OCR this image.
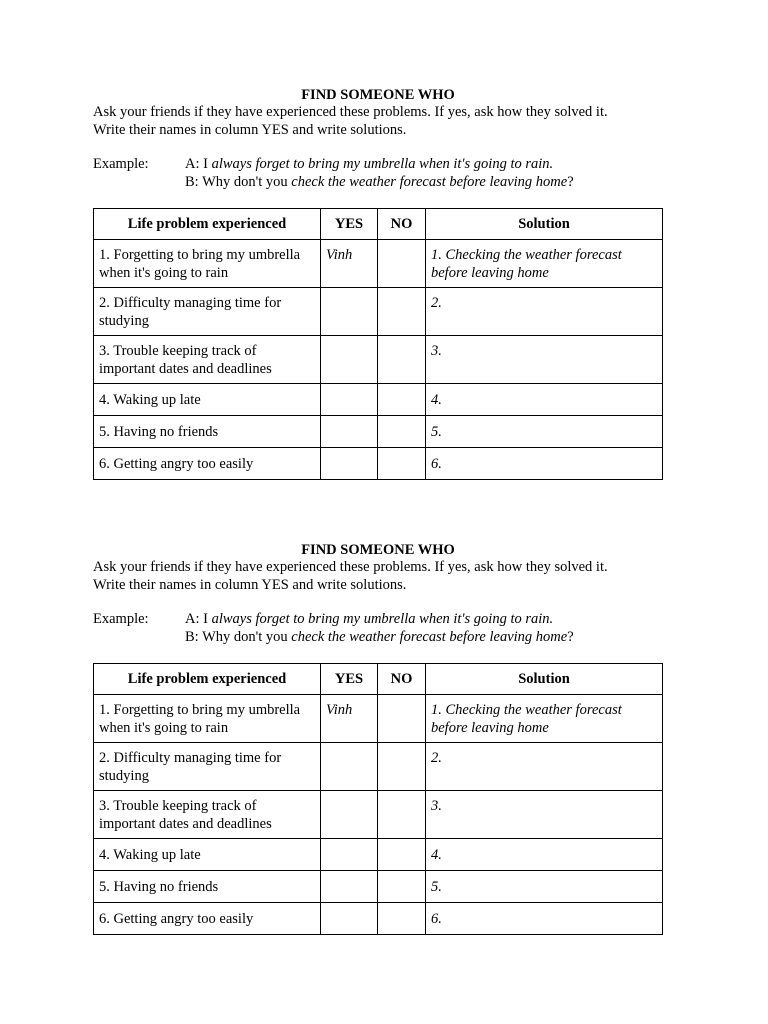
FIND SOMEONE WHO
Ask your friends if they have experienced these problems. If yes, ask how they solved it.
Write their names in column YES and write solutions.
Example:	A: I always forget to bring my umbrella when it's going to rain.
B: Why don't you check the weather forecast before leaving home?
Life problem experienced	YES	NO	Solution
1. Forgetting to bring my umbrella when it's going to rain	Vinh		1. Checking the weather forecast before leaving home
2. Difficulty managing time for studying			2.
3. Trouble keeping track of important dates and deadlines			3.
4. Waking up late			4.
5. Having no friends			5.
6. Getting angry too easily			6.
FIND SOMEONE WHO
Ask your friends if they have experienced these problems. If yes, ask how they solved it.
Write their names in column YES and write solutions.
Example:	A: I always forget to bring my umbrella when it's going to rain.
B: Why don't you check the weather forecast before leaving home?
Life problem experienced	YES	NO	Solution
1. Forgetting to bring my umbrella when it's going to rain	Vinh		1. Checking the weather forecast before leaving home
2. Difficulty managing time for studying			2.
3. Trouble keeping track of important dates and deadlines			3.
4. Waking up late			4.
5. Having no friends			5.
6. Getting angry too easily			6.
